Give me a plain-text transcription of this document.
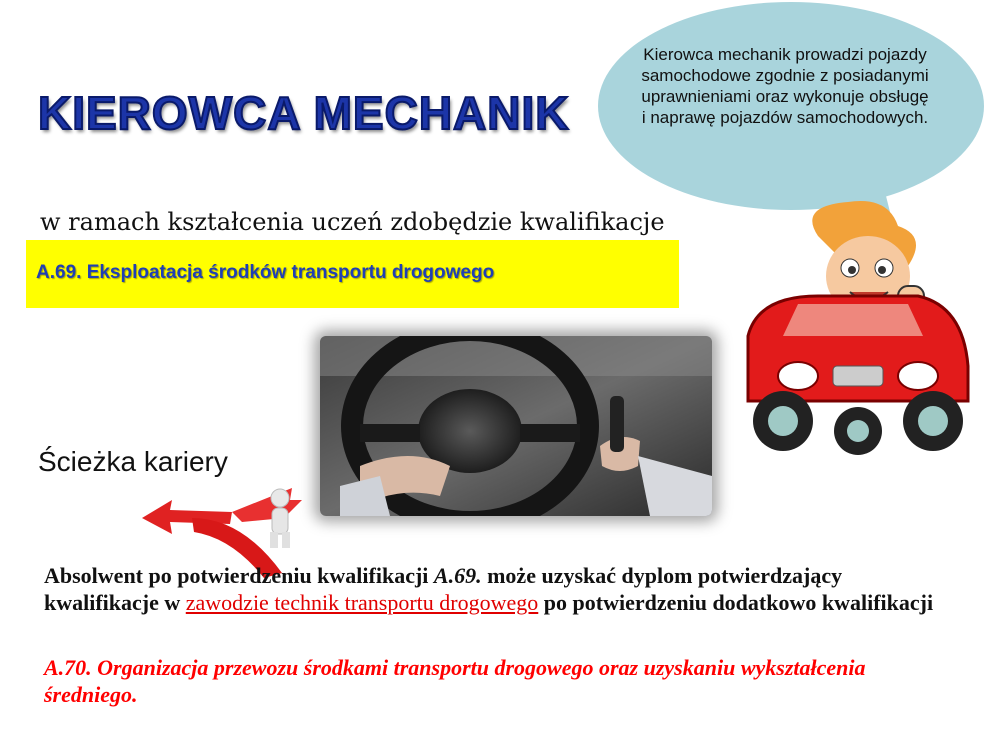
Kierowca mechanik prowadzi pojazdy samochodowe zgodnie z posiadanymi uprawnieniami oraz wykonuje obsługę i naprawę pojazdów samochodowych.
KIEROWCA MECHANIK
w ramach kształcenia uczeń zdobędzie kwalifikacje
A.69. Eksploatacja środków transportu drogowego
Ścieżka kariery
Absolwent po potwierdzeniu kwalifikacji A.69. może uzyskać dyplom potwierdzający kwalifikacje w zawodzie technik transportu drogowego po potwierdzeniu dodatkowo kwalifikacji
A.70. Organizacja przewozu środkami transportu drogowego oraz uzyskaniu wykształcenia średniego.
